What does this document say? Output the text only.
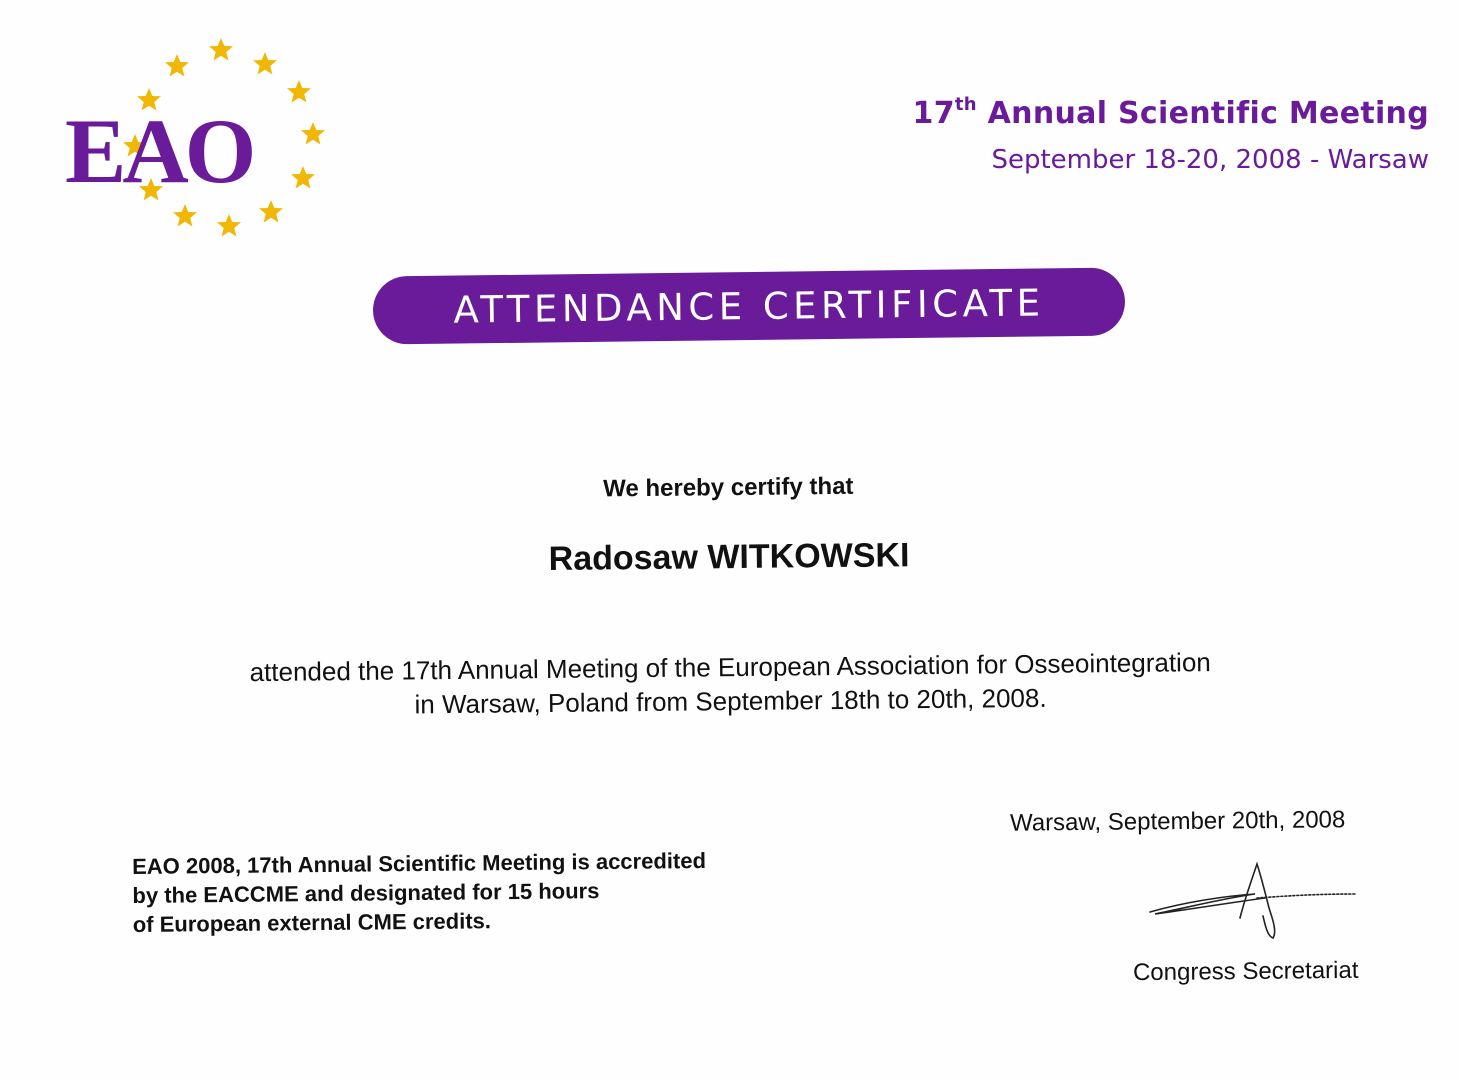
EAO	17th Annual Scientific Meeting
September 18-20, 2008 - Warsaw
ATTENDANCE CERTIFICATE
We hereby certify that
Radosaw WITKOWSKI
attended the 17th Annual Meeting of the European Association for Osseointegration
in Warsaw, Poland from September 18th to 20th, 2008.
EAO 2008, 17th Annual Scientific Meeting is accredited
by the EACCME and designated for 15 hours
of European external CME credits.
Warsaw, September 20th, 2008
Congress Secretariat
